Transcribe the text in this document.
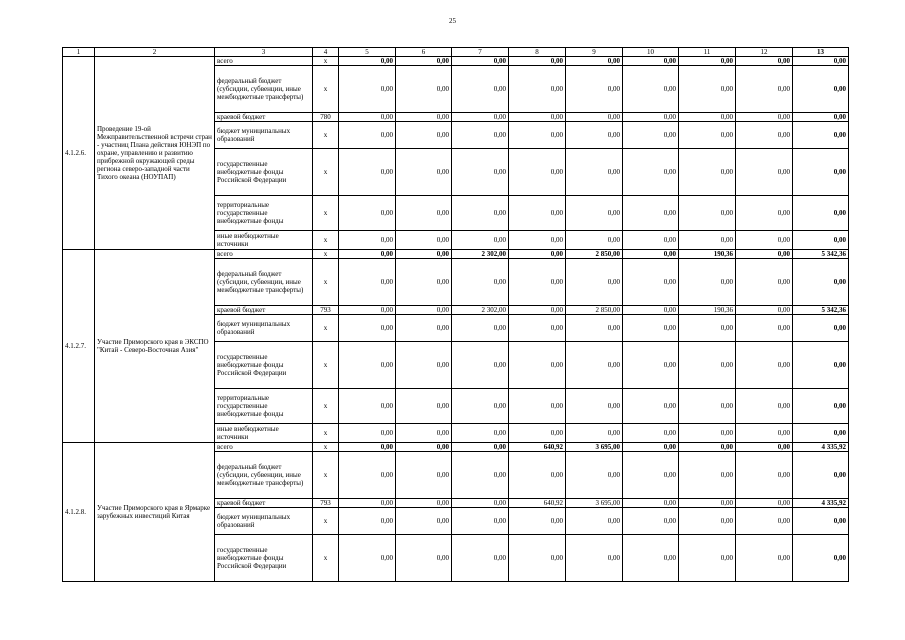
25
1	2	3	4	5	6	7	8	9	10	11	12	13
4.1.2.6.	Проведение 19-ой Межправительственной встречи стран - участниц Плана действия ЮНЭП по охране, управлению и развитию прибрежной окружающей среды региона северо-западной части Тихого океана (НОУПАП)	всего	х	0,00	0,00	0,00	0,00	0,00	0,00	0,00	0,00	0,00
		федеральный бюджет (субсидии, субвенции, иные межбюджетные трансферты)	х	0,00	0,00	0,00	0,00	0,00	0,00	0,00	0,00	0,00
		краевой бюджет	780	0,00	0,00	0,00	0,00	0,00	0,00	0,00	0,00	0,00
		бюджет муниципальных образований	х	0,00	0,00	0,00	0,00	0,00	0,00	0,00	0,00	0,00
		государственные внебюджетные фонды Российской Федерации	х	0,00	0,00	0,00	0,00	0,00	0,00	0,00	0,00	0,00
		территориальные государственные внебюджетные фонды	х	0,00	0,00	0,00	0,00	0,00	0,00	0,00	0,00	0,00
		иные внебюджетные источники	х	0,00	0,00	0,00	0,00	0,00	0,00	0,00	0,00	0,00
4.1.2.7.	Участие Приморского края в ЭКСПО "Китай - Северо-Восточная Азия"	всего	х	0,00	0,00	2 302,00	0,00	2 850,00	0,00	190,36	0,00	5 342,36
		федеральный бюджет (субсидии, субвенции, иные межбюджетные трансферты)	х	0,00	0,00	0,00	0,00	0,00	0,00	0,00	0,00	0,00
		краевой бюджет	793	0,00	0,00	2 302,00	0,00	2 850,00	0,00	190,36	0,00	5 342,36
		бюджет муниципальных образований	х	0,00	0,00	0,00	0,00	0,00	0,00	0,00	0,00	0,00
		государственные внебюджетные фонды Российской Федерации	х	0,00	0,00	0,00	0,00	0,00	0,00	0,00	0,00	0,00
		территориальные государственные внебюджетные фонды	х	0,00	0,00	0,00	0,00	0,00	0,00	0,00	0,00	0,00
		иные внебюджетные источники	х	0,00	0,00	0,00	0,00	0,00	0,00	0,00	0,00	0,00
4.1.2.8.	Участие Приморского края в Ярмарке зарубежных инвестиций Китая	всего	х	0,00	0,00	0,00	640,92	3 695,00	0,00	0,00	0,00	4 335,92
		федеральный бюджет (субсидии, субвенции, иные межбюджетные трансферты)	х	0,00	0,00	0,00	0,00	0,00	0,00	0,00	0,00	0,00
		краевой бюджет	793	0,00	0,00	0,00	640,92	3 695,00	0,00	0,00	0,00	4 335,92
		бюджет муниципальных образований	х	0,00	0,00	0,00	0,00	0,00	0,00	0,00	0,00	0,00
		государственные внебюджетные фонды Российской Федерации	х	0,00	0,00	0,00	0,00	0,00	0,00	0,00	0,00	0,00
